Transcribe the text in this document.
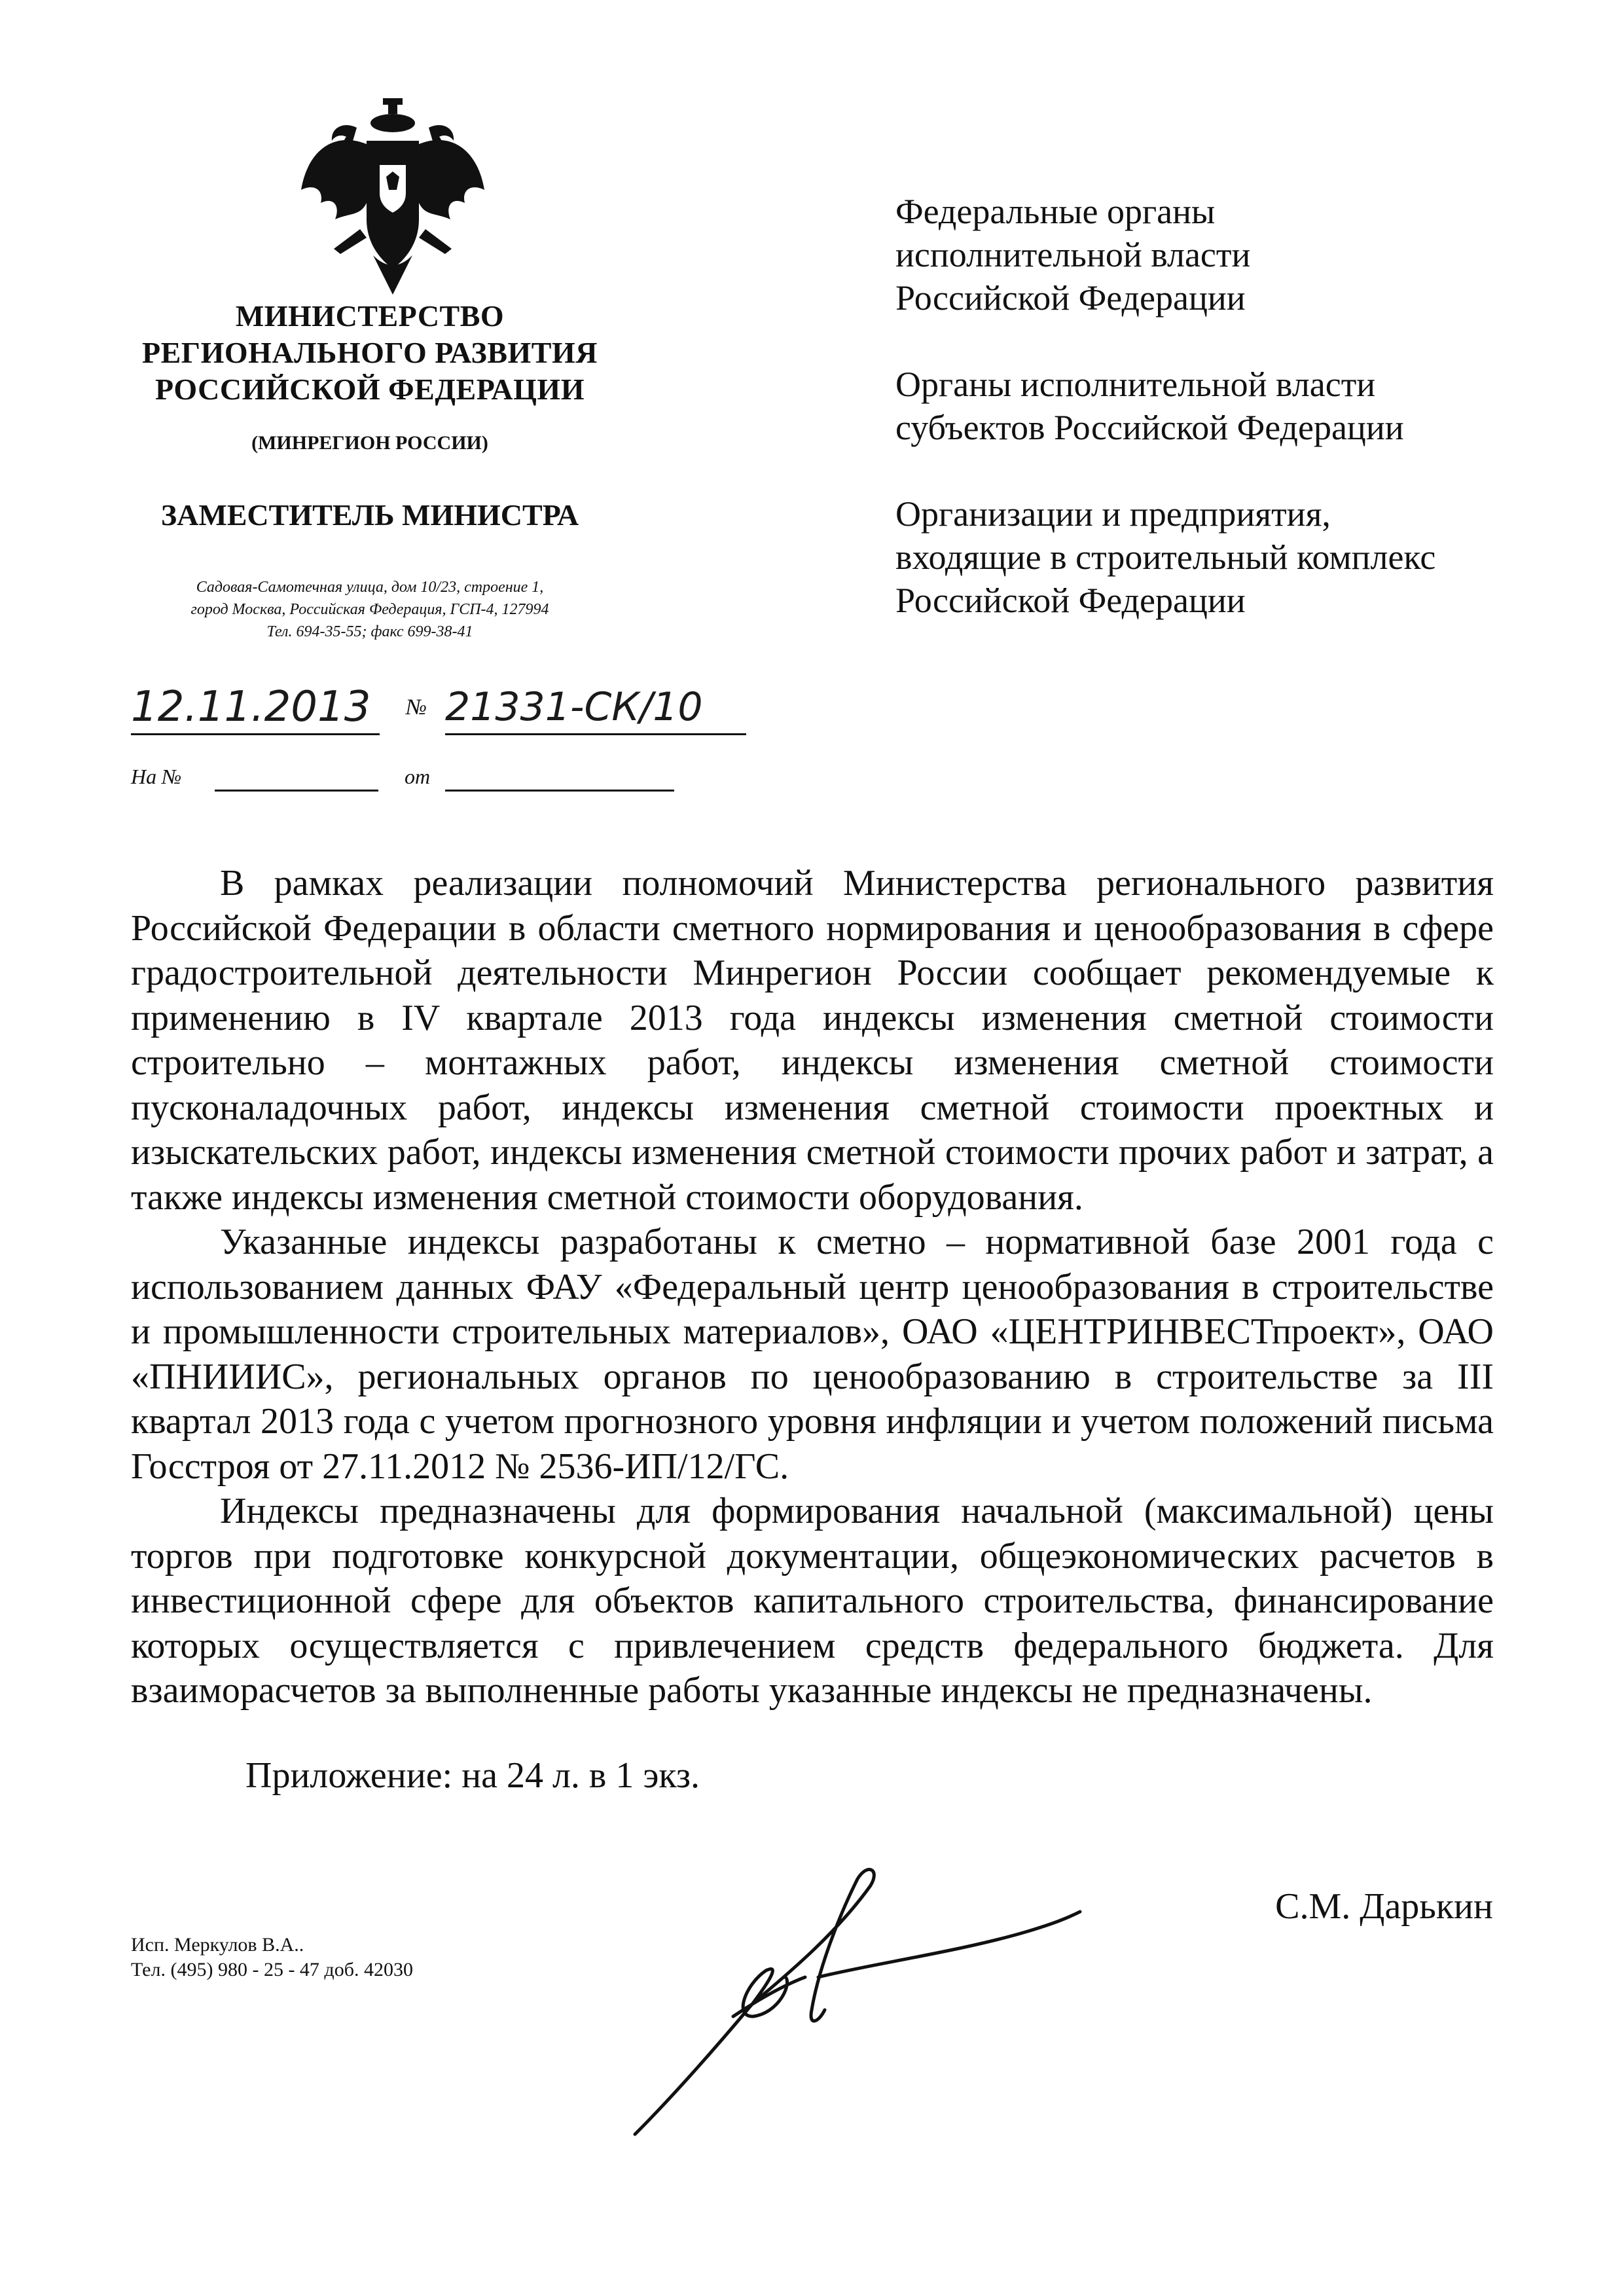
МИНИСТЕРСТВО
РЕГИОНАЛЬНОГО РАЗВИТИЯ
РОССИЙСКОЙ ФЕДЕРАЦИИ
(МИНРЕГИОН РОССИИ)
ЗАМЕСТИТЕЛЬ МИНИСТРА
Садовая-Самотечная улица, дом 10/23, строение 1,
город Москва, Российская Федерация, ГСП-4, 127994
Тел. 694-35-55; факс 699-38-41
12.11.2013	№ 21331-СК/10
На №	от
Федеральные органы
исполнительной власти
Российской Федерации
Органы исполнительной власти
субъектов Российской Федерации
Организации и предприятия,
входящие в строительный комплекс
Российской Федерации

В рамках реализации полномочий Министерства регионального развития Российской Федерации в области сметного нормирования и ценообразования в сфере градостроительной деятельности Минрегион России сообщает рекомендуемые к применению в IV квартале 2013 года индексы изменения сметной стоимости строительно – монтажных работ, индексы изменения сметной стоимости пусконаладочных работ, индексы изменения сметной стоимости проектных и изыскательских работ, индексы изменения сметной стоимости прочих работ и затрат, а также индексы изменения сметной стоимости оборудования.

Указанные индексы разработаны к сметно – нормативной базе 2001 года с использованием данных ФАУ «Федеральный центр ценообразования в строительстве и промышленности строительных материалов», ОАО «ЦЕНТРИНВЕСТпроект», ОАО «ПНИИИС», региональных органов по ценообразованию в строительстве за III квартал 2013 года с учетом прогнозного уровня инфляции и учетом положений письма Госстроя от 27.11.2012 № 2536-ИП/12/ГС.

Индексы предназначены для формирования начальной (максимальной) цены торгов при подготовке конкурсной документации, общеэкономических расчетов в инвестиционной сфере для объектов капитального строительства, финансирование которых осуществляется с привлечением средств федерального бюджета. Для взаиморасчетов за выполненные работы указанные индексы не предназначены.

Приложение: на 24 л. в 1 экз.
Исп. Меркулов В.А..
Тел. (495) 980 - 25 - 47 доб. 42030
С.М. Дарькин
